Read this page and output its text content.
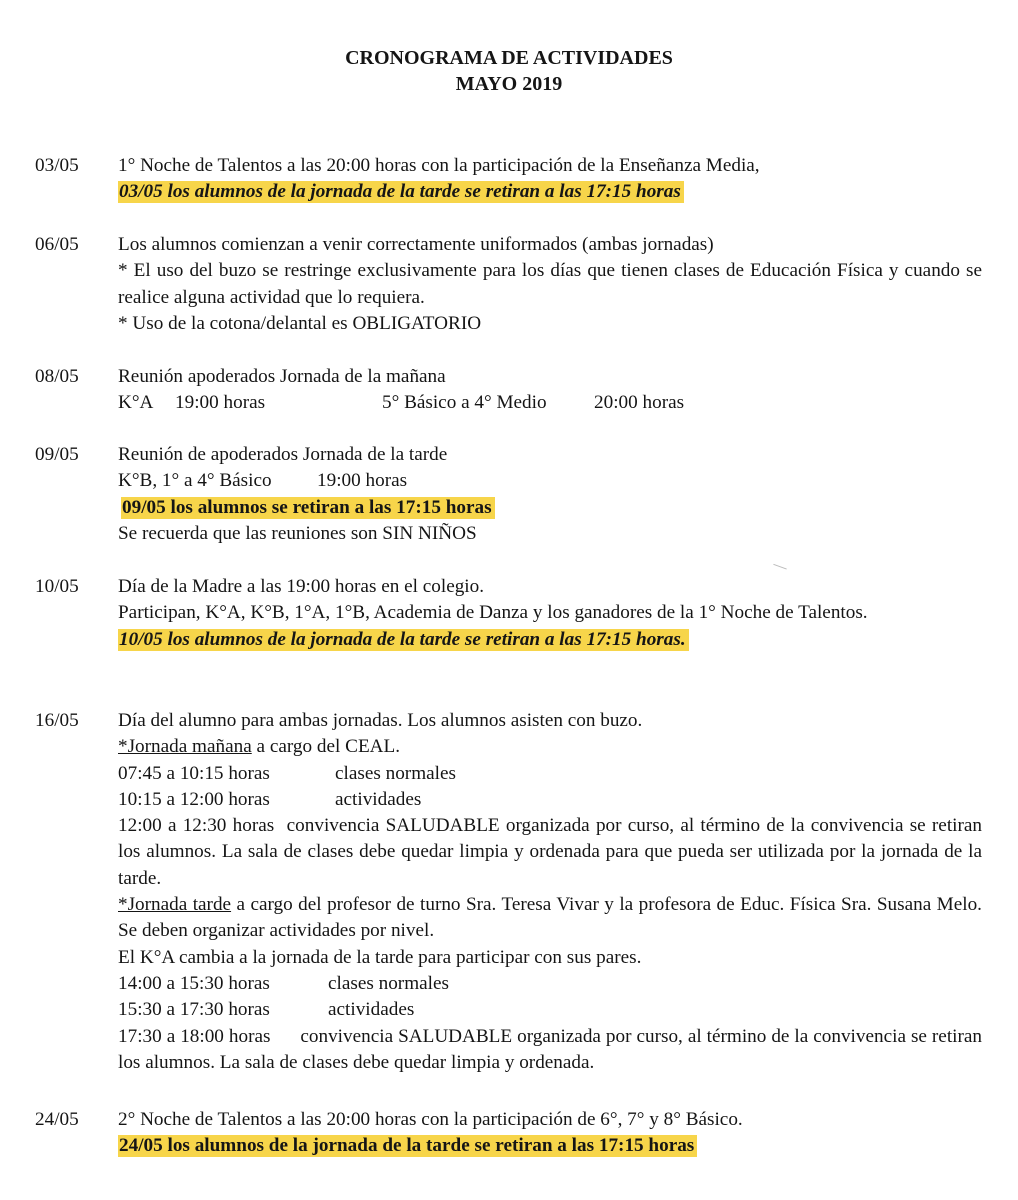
CRONOGRAMA DE ACTIVIDADES
MAYO 2019
03/05 1° Noche de Talentos a las 20:00 horas con la participación de la Enseñanza Media,
03/05 los alumnos de la jornada de la tarde se retiran a las 17:15 horas
06/05 Los alumnos comienzan a venir correctamente uniformados (ambas jornadas)
* El uso del buzo se restringe exclusivamente para los días que tienen clases de Educación Física y cuando se realice alguna actividad que lo requiera.
* Uso de la cotona/delantal es OBLIGATORIO
08/05 Reunión apoderados Jornada de la mañana
K°A 19:00 horas	5° Básico a 4° Medio 20:00 horas
09/05 Reunión de apoderados Jornada de la tarde
K°B, 1° a 4° Básico 19:00 horas
09/05 los alumnos se retiran a las 17:15 horas
Se recuerda que las reuniones son SIN NIÑOS
10/05 Día de la Madre a las 19:00 horas en el colegio.
Participan, K°A, K°B, 1°A, 1°B, Academia de Danza y los ganadores de la 1° Noche de Talentos.
10/05 los alumnos de la jornada de la tarde se retiran a las 17:15 horas.
16/05 Día del alumno para ambas jornadas. Los alumnos asisten con buzo.
*Jornada mañana a cargo del CEAL.
07:45 a 10:15 horas	clases normales
10:15 a 12:00 horas	actividades
12:00 a 12:30 horas  convivencia SALUDABLE organizada por curso, al término de la convivencia se retiran los alumnos. La sala de clases debe quedar limpia y ordenada para que pueda ser utilizada por la jornada de la tarde.
*Jornada tarde a cargo del profesor de turno Sra. Teresa Vivar y la profesora de Educ. Física Sra. Susana Melo. Se deben organizar actividades por nivel.
El K°A cambia a la jornada de la tarde para participar con sus pares.
14:00 a 15:30 horas	clases normales
15:30 a 17:30 horas	actividades
17:30 a 18:00 horas      convivencia SALUDABLE organizada por curso, al término de la convivencia se retiran los alumnos. La sala de clases debe quedar limpia y ordenada.
24/05 2° Noche de Talentos a las 20:00 horas con la participación de 6°, 7° y 8° Básico.
24/05 los alumnos de la jornada de la tarde se retiran a las 17:15 horas
